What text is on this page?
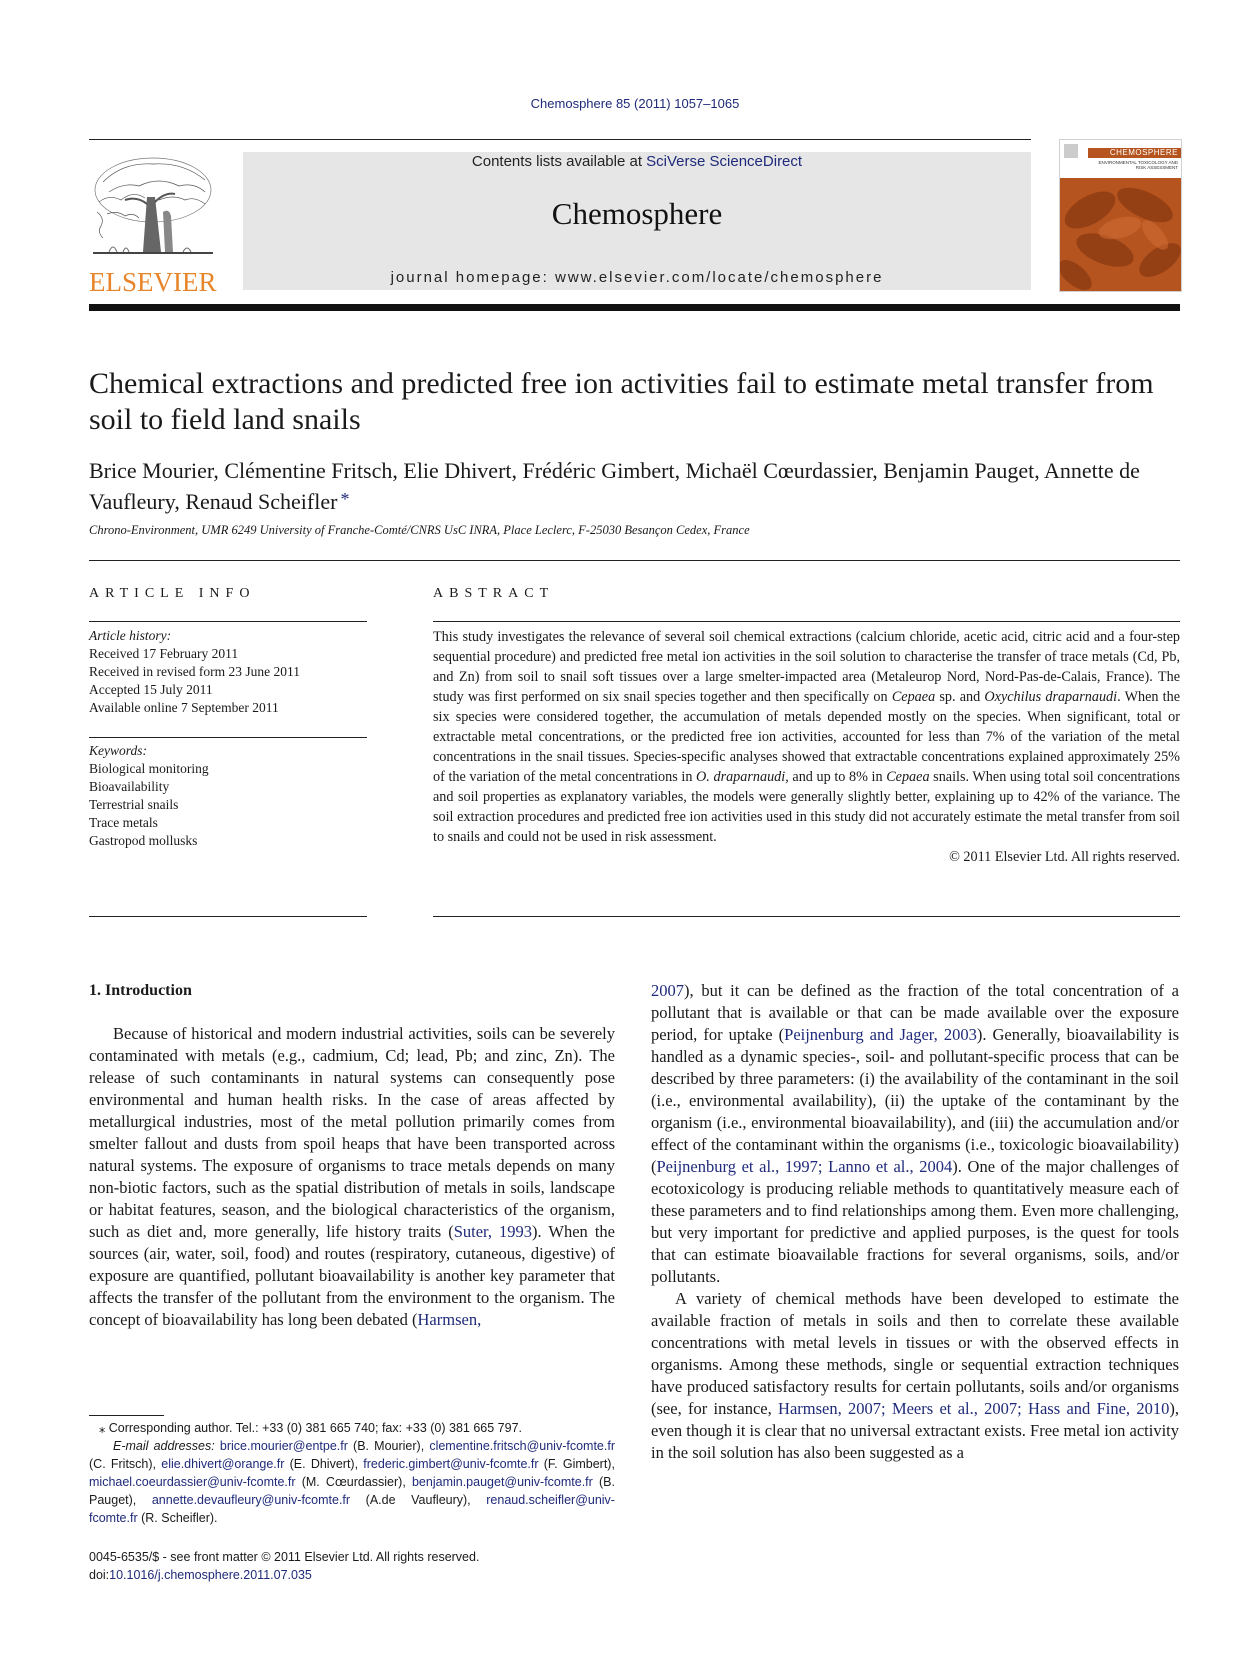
Chemosphere 85 (2011) 1057–1065
ELSEVIER
Contents lists available at SciVerse ScienceDirect
Chemosphere
journal homepage: www.elsevier.com/locate/chemosphere
CHEMOSPHERE
ENVIRONMENTAL TOXICOLOGY AND RISK ASSESSMENT
Chemical extractions and predicted free ion activities fail to estimate metal transfer from soil to field land snails
Brice Mourier, Clémentine Fritsch, Elie Dhivert, Frédéric Gimbert, Michaël Cœurdassier, Benjamin Pauget, Annette de Vaufleury, Renaud Scheifler *
Chrono-Environment, UMR 6249 University of Franche-Comté/CNRS UsC INRA, Place Leclerc, F-25030 Besançon Cedex, France
ARTICLE INFO
Article history:
Received 17 February 2011
Received in revised form 23 June 2011
Accepted 15 July 2011
Available online 7 September 2011
Keywords:
Biological monitoring
Bioavailability
Terrestrial snails
Trace metals
Gastropod mollusks
ABSTRACT
This study investigates the relevance of several soil chemical extractions (calcium chloride, acetic acid, citric acid and a four-step sequential procedure) and predicted free metal ion activities in the soil solution to characterise the transfer of trace metals (Cd, Pb, and Zn) from soil to snail soft tissues over a large smelter-impacted area (Metaleurop Nord, Nord-Pas-de-Calais, France). The study was first performed on six snail species together and then specifically on Cepaea sp. and Oxychilus draparnaudi. When the six species were considered together, the accumulation of metals depended mostly on the species. When significant, total or extractable metal concentrations, or the predicted free ion activities, accounted for less than 7% of the variation of the metal concentrations in the snail tissues. Species-specific analyses showed that extractable concentrations explained approximately 25% of the variation of the metal concentrations in O. draparnaudi, and up to 8% in Cepaea snails. When using total soil concentrations and soil properties as explanatory variables, the models were generally slightly better, explaining up to 42% of the variance. The soil extraction procedures and predicted free ion activities used in this study did not accurately estimate the metal transfer from soil to snails and could not be used in risk assessment.
© 2011 Elsevier Ltd. All rights reserved.
1. Introduction

Because of historical and modern industrial activities, soils can be severely contaminated with metals (e.g., cadmium, Cd; lead, Pb; and zinc, Zn). The release of such contaminants in natural systems can consequently pose environmental and human health risks. In the case of areas affected by metallurgical industries, most of the metal pollution primarily comes from smelter fallout and dusts from spoil heaps that have been transported across natural systems. The exposure of organisms to trace metals depends on many non-biotic factors, such as the spatial distribution of metals in soils, landscape or habitat features, season, and the biological characteristics of the organism, such as diet and, more generally, life history traits (Suter, 1993). When the sources (air, water, soil, food) and routes (respiratory, cutaneous, digestive) of exposure are quantified, pollutant bioavailability is another key parameter that affects the transfer of the pollutant from the environment to the organism. The concept of bioavailability has long been debated (Harmsen,

2007), but it can be defined as the fraction of the total concentration of a pollutant that is available or that can be made available over the exposure period, for uptake (Peijnenburg and Jager, 2003). Generally, bioavailability is handled as a dynamic species-, soil- and pollutant-specific process that can be described by three parameters: (i) the availability of the contaminant in the soil (i.e., environmental availability), (ii) the uptake of the contaminant by the organism (i.e., environmental bioavailability), and (iii) the accumulation and/or effect of the contaminant within the organisms (i.e., toxicologic bioavailability) (Peijnenburg et al., 1997; Lanno et al., 2004). One of the major challenges of ecotoxicology is producing reliable methods to quantitatively measure each of these parameters and to find relationships among them. Even more challenging, but very important for predictive and applied purposes, is the quest for tools that can estimate bioavailable fractions for several organisms, soils, and/or pollutants.

A variety of chemical methods have been developed to estimate the available fraction of metals in soils and then to correlate these available concentrations with metal levels in tissues or with the observed effects in organisms. Among these methods, single or sequential extraction techniques have produced satisfactory results for certain pollutants, soils and/or organisms (see, for instance, Harmsen, 2007; Meers et al., 2007; Hass and Fine, 2010), even though it is clear that no universal extractant exists. Free metal ion activity in the soil solution has also been suggested as a

⁎ Corresponding author. Tel.: +33 (0) 381 665 740; fax: +33 (0) 381 665 797.

E-mail addresses: brice.mourier@entpe.fr (B. Mourier), clementine.fritsch@univ-fcomte.fr (C. Fritsch), elie.dhivert@orange.fr (E. Dhivert), frederic.gimbert@univ-fcomte.fr (F. Gimbert), michael.coeurdassier@univ-fcomte.fr (M. Cœurdassier), benjamin.pauget@univ-fcomte.fr (B. Pauget), annette.devaufleury@univ-fcomte.fr (A.de Vaufleury), renaud.scheifler@univ-fcomte.fr (R. Scheifler).

0045-6535/$ - see front matter © 2011 Elsevier Ltd. All rights reserved.
doi:10.1016/j.chemosphere.2011.07.035
